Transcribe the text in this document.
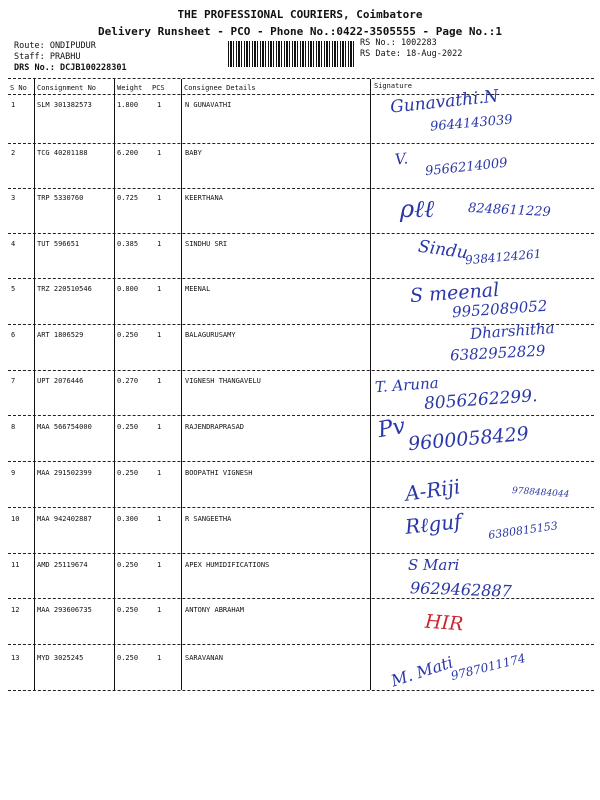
THE PROFESSIONAL COURIERS, Coimbatore
Delivery Runsheet - PCO - Phone No.:0422-3505555 - Page No.:1
Route: ONDIPUDUR
Staff: PRABHU
DRS No.: DCJB100228301
RS No.: 1002283
RS Date: 18-Aug-2022
S No Consignment No	Weight PCS	Consignee Details	Signature
1	SLM 301382573	1.800	1	N GUNAVATHI	Gunavathi.N
9644143039
2	TCG 40201188	6.200	1	BABY	V. 9566214009
3	TRP 5330760	0.725	1	KEERTHANA	ρℓℓ	8248611229
4	TUT 596651	0.385	1	SINDHU SRI	Sindu
9384124261
5	TRZ 220510546	0.800	1	MEENAL	S meenal
9952089052
6	ART 1806529	0.250	1	BALAGURUSAMY	Dharshitha
6382952829
7	UPT 2076446	0.270	1	VIGNESH THANGAVELU	T. Aruna
8056262299.
8	MAA 566754000	0.250	1	RAJENDRAPRASAD	Pv 9600058429
9	MAA 291502399	0.250	1	BOOPATHI VIGNESH
A-Riji	9788484044
10	MAA 942402887	0.300	1	R SANGEETHA	Rℓguf 6380815153
11	AMD 25119674	0.250	1	APEX HUMIDIFICATIONS	S Mari
9629462887
12	MAA 293606735	0.250	1	ANTONY ABRAHAM
HIR
13	MYD 3025245	0.250	1	SARAVANAN	M. Mati
9787011174
